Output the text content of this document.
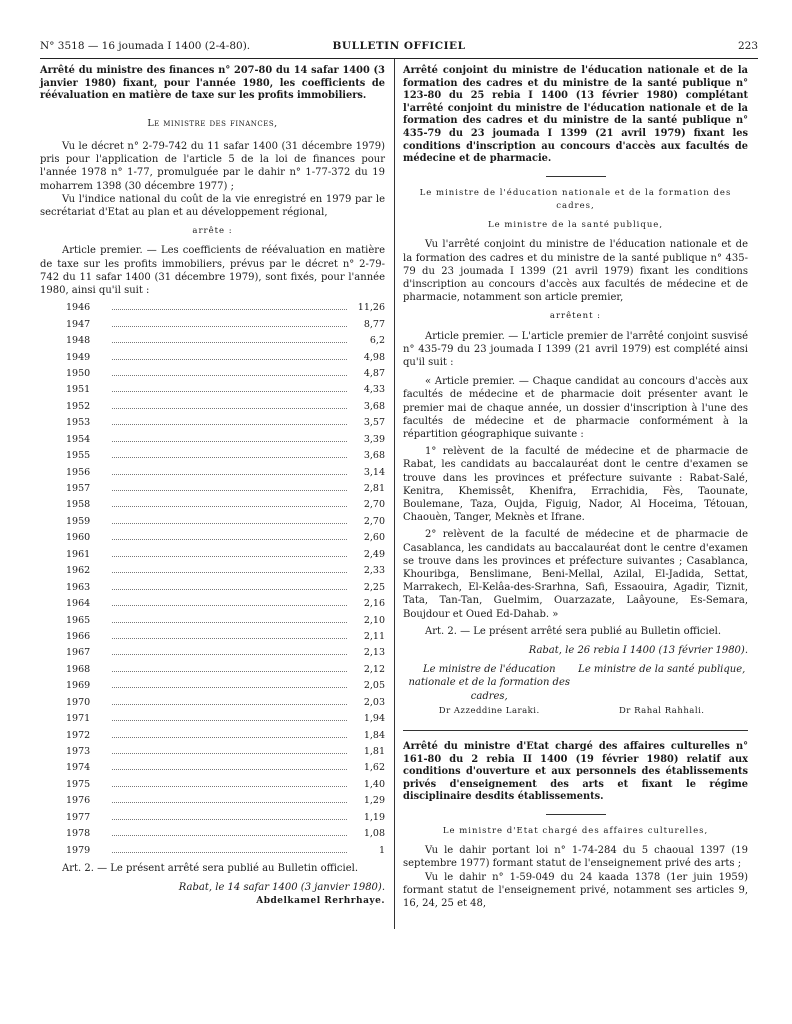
N° 3518 — 16 joumada I 1400 (2-4-80).	BULLETIN OFFICIEL	223

Arrêté du ministre des finances n° 207-80 du 14 safar 1400 (3 janvier 1980) fixant, pour l'année 1980, les coefficients de réévaluation en matière de taxe sur les profits immobiliers.

Le ministre des finances,

Vu le décret n° 2-79-742 du 11 safar 1400 (31 décembre 1979) pris pour l'application de l'article 5 de la loi de finances pour l'année 1978 n° 1-77, promulguée par le dahir n° 1-77-372 du 19 moharrem 1398 (30 décembre 1977) ;

Vu l'indice national du coût de la vie enregistré en 1979 par le secrétariat d'Etat au plan et au développement régional,

arrête :

Article premier. — Les coefficients de réévaluation en matière de taxe sur les profits immobiliers, prévus par le décret n° 2-79-742 du 11 safar 1400 (31 décembre 1979), sont fixés, pour l'année 1980, ainsi qu'il suit :

1946	11,26
1947	8,77
1948	6,2
1949	4,98
1950	4,87
1951	4,33
1952	3,68
1953	3,57
1954	3,39
1955	3,68
1956	3,14
1957	2,81
1958	2,70
1959	2,70
1960	2,60
1961	2,49
1962	2,33
1963	2,25
1964	2,16
1965	2,10
1966	2,11
1967	2,13
1968	2,12
1969	2,05
1970	2,03
1971	1,94
1972	1,84
1973	1,81
1974	1,62
1975	1,40
1976	1,29
1977	1,19
1978	1,08
1979	1

Art. 2. — Le présent arrêté sera publié au Bulletin officiel.

Rabat, le 14 safar 1400 (3 janvier 1980).

Abdelkamel Rerhrhaye.

Arrêté conjoint du ministre de l'éducation nationale et de la formation des cadres et du ministre de la santé publique n° 123-80 du 25 rebia I 1400 (13 février 1980) complétant l'arrêté conjoint du ministre de l'éducation nationale et de la formation des cadres et du ministre de la santé publique n° 435-79 du 23 joumada I 1399 (21 avril 1979) fixant les conditions d'inscription au concours d'accès aux facultés de médecine et de pharmacie.

Le ministre de l'éducation nationale et de la formation des cadres,

Le ministre de la santé publique,

Vu l'arrêté conjoint du ministre de l'éducation nationale et de la formation des cadres et du ministre de la santé publique n° 435-79 du 23 joumada I 1399 (21 avril 1979) fixant les conditions d'inscription au concours d'accès aux facultés de médecine et de pharmacie, notamment son article premier,

arrêtent :

Article premier. — L'article premier de l'arrêté conjoint susvisé n° 435-79 du 23 joumada I 1399 (21 avril 1979) est complété ainsi qu'il suit :

« Article premier. — Chaque candidat au concours d'accès aux facultés de médecine et de pharmacie doit présenter avant le premier mai de chaque année, un dossier d'inscription à l'une des facultés de médecine et de pharmacie conformément à la répartition géographique suivante :

1° relèvent de la faculté de médecine et de pharmacie de Rabat, les candidats au baccalauréat dont le centre d'examen se trouve dans les provinces et préfecture suivante : Rabat-Salé, Kenitra, Khemissêt, Khenifra, Errachidia, Fès, Taounate, Boulemane, Taza, Oujda, Figuig, Nador, Al Hoceima, Tétouan, Chaouèn, Tanger, Meknès et Ifrane.

2° relèvent de la faculté de médecine et de pharmacie de Casablanca, les candidats au baccalauréat dont le centre d'examen se trouve dans les provinces et préfecture suivantes ; Casablanca, Khouribga, Benslimane, Beni-Mellal, Azilal, El-Jadida, Settat, Marrakech, El-Kelâa-des-Srarhna, Safi, Essaouira, Agadir, Tiznit, Tata, Tan-Tan, Guelmim, Ouarzazate, Laâyoune, Es-Semara, Boujdour et Oued Ed-Dahab. »

Art. 2. — Le présent arrêté sera publié au Bulletin officiel.

Rabat, le 26 rebia I 1400 (13 février 1980).

Le ministre de l'éducation nationale et de la formation des cadres,
Le ministre de la santé publique,
Dr Azzeddine Laraki.	Dr Rahal Rahhali.

Arrêté du ministre d'Etat chargé des affaires culturelles n° 161-80 du 2 rebia II 1400 (19 février 1980) relatif aux conditions d'ouverture et aux personnels des établissements privés d'enseignement des arts et fixant le régime disciplinaire desdits établissements.

Le ministre d'Etat chargé des affaires culturelles,

Vu le dahir portant loi n° 1-74-284 du 5 chaoual 1397 (19 septembre 1977) formant statut de l'enseignement privé des arts ;

Vu le dahir n° 1-59-049 du 24 kaada 1378 (1er juin 1959) formant statut de l'enseignement privé, notamment ses articles 9, 16, 24, 25 et 48,
